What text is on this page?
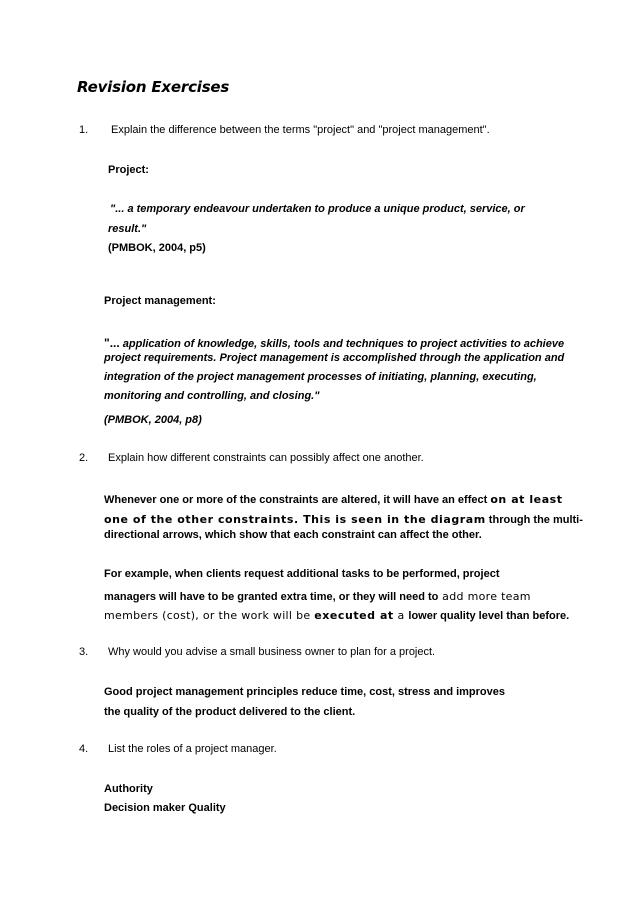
Revision Exercises
1. Explain the difference between the terms "project" and "project management".
Project:
"... a temporary endeavour undertaken to produce a unique product, service, or
result."
(PMBOK, 2004, p5)
Project management:
"... application of knowledge, skills, tools and techniques to project activities to achieve
project requirements. Project management is accomplished through the application and
integration of the project management processes of initiating, planning, executing,
monitoring and controlling, and closing."
(PMBOK, 2004, p8)
2. Explain how different constraints can possibly affect one another.
Whenever one or more of the constraints are altered, it will have an effect on at least
one of the other constraints. This is seen in the diagram through the multi-
directional arrows, which show that each constraint can affect the other.
For example, when clients request additional tasks to be performed, project
managers will have to be granted extra time, or they will need to add more team
members (cost), or the work will be executed at a lower quality level than before.
3. Why would you advise a small business owner to plan for a project.
Good project management principles reduce time, cost, stress and improves
the quality of the product delivered to the client.
4. List the roles of a project manager.
Authority
Decision maker Quality
